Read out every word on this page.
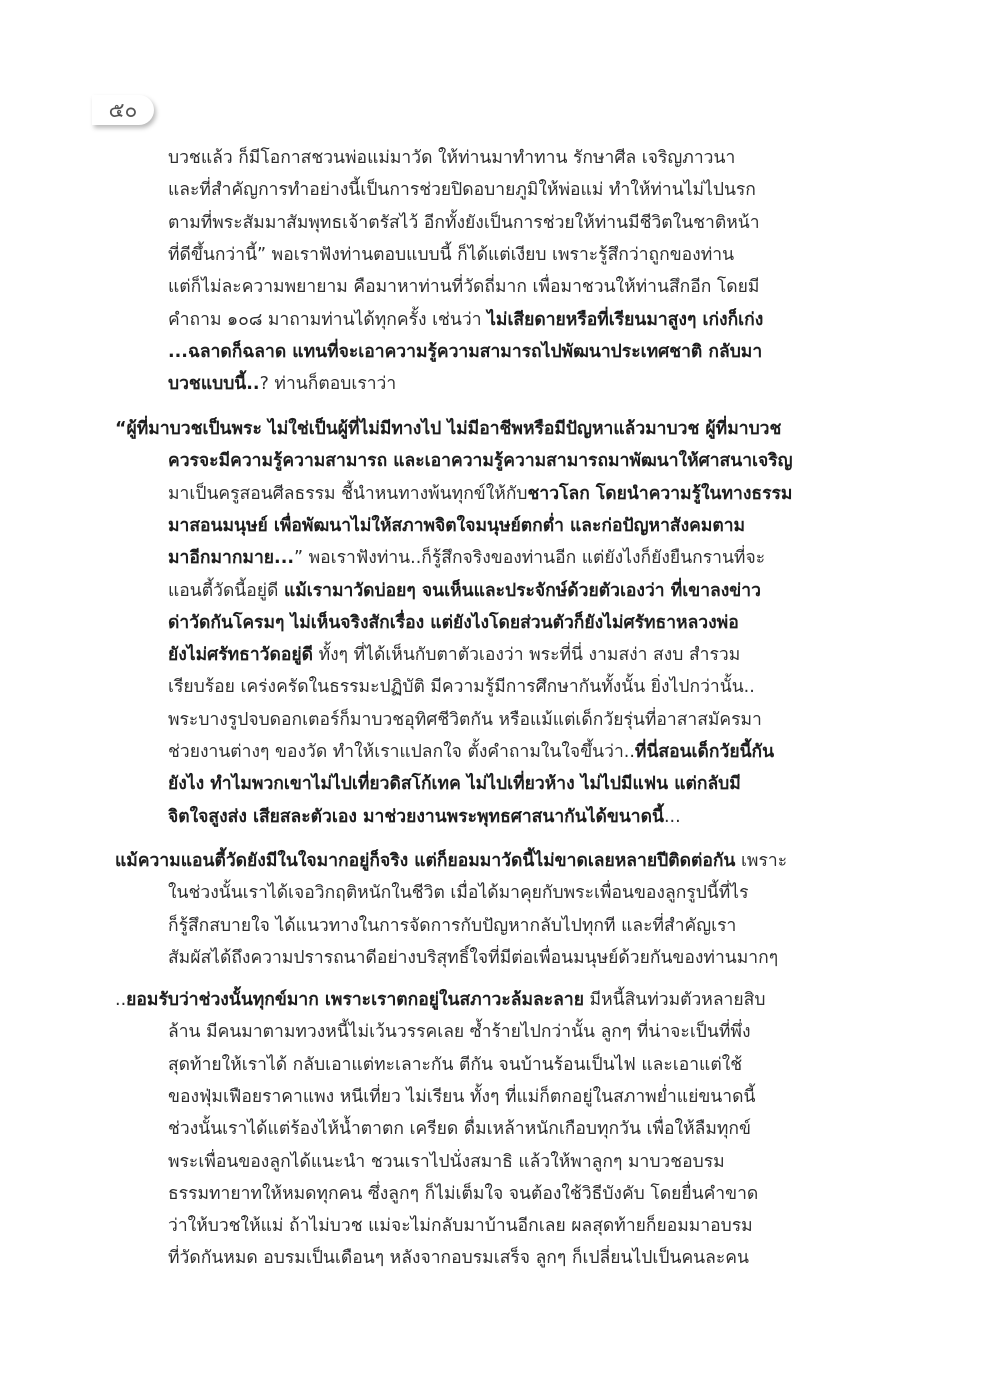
๕๐
บวชแล้ว ก็มีโอกาสชวนพ่อแม่มาวัด ให้ท่านมาทำทาน รักษาศีล เจริญภาวนา
และที่สำคัญการทำอย่างนี้เป็นการช่วยปิดอบายภูมิให้พ่อแม่ ทำให้ท่านไม่ไปนรก
ตามที่พระสัมมาสัมพุทธเจ้าตรัสไว้ อีกทั้งยังเป็นการช่วยให้ท่านมีชีวิตในชาติหน้า
ที่ดีขึ้นกว่านี้” พอเราฟังท่านตอบแบบนี้ ก็ได้แต่เงียบ เพราะรู้สึกว่าถูกของท่าน
แต่ก็ไม่ละความพยายาม คือมาหาท่านที่วัดถี่มาก เพื่อมาชวนให้ท่านสึกอีก โดยมี
คำถาม ๑๐๘ มาถามท่านได้ทุกครั้ง เช่นว่า ไม่เสียดายหรือที่เรียนมาสูงๆ เก่งก็เก่ง
...ฉลาดก็ฉลาด แทนที่จะเอาความรู้ความสามารถไปพัฒนาประเทศชาติ กลับมา
บวชแบบนี้..? ท่านก็ตอบเราว่า
“ผู้ที่มาบวชเป็นพระ ไม่ใช่เป็นผู้ที่ไม่มีทางไป ไม่มีอาชีพหรือมีปัญหาแล้วมาบวช ผู้ที่มาบวช
ควรจะมีความรู้ความสามารถ และเอาความรู้ความสามารถมาพัฒนาให้ศาสนาเจริญ
มาเป็นครูสอนศีลธรรม ชี้นำหนทางพ้นทุกข์ให้กับชาวโลก โดยนำความรู้ในทางธรรม
มาสอนมนุษย์ เพื่อพัฒนาไม่ให้สภาพจิตใจมนุษย์ตกต่ำ และก่อปัญหาสังคมตาม
มาอีกมากมาย...” พอเราฟังท่าน..ก็รู้สึกจริงของท่านอีก แต่ยังไงก็ยังยืนกรานที่จะ
แอนตี้วัดนี้อยู่ดี แม้เรามาวัดบ่อยๆ จนเห็นและประจักษ์ด้วยตัวเองว่า ที่เขาลงข่าว
ด่าวัดกันโครมๆ ไม่เห็นจริงสักเรื่อง แต่ยังไงโดยส่วนตัวก็ยังไม่ศรัทธาหลวงพ่อ
ยังไม่ศรัทธาวัดอยู่ดี ทั้งๆ ที่ได้เห็นกับตาตัวเองว่า พระที่นี่ งามสง่า สงบ สำรวม
เรียบร้อย เคร่งครัดในธรรมะปฏิบัติ มีความรู้มีการศึกษากันทั้งนั้น ยิ่งไปกว่านั้น..
พระบางรูปจบดอกเตอร์ก็มาบวชอุทิศชีวิตกัน หรือแม้แต่เด็กวัยรุ่นที่อาสาสมัครมา
ช่วยงานต่างๆ ของวัด ทำให้เราแปลกใจ ตั้งคำถามในใจขึ้นว่า..ที่นี่สอนเด็กวัยนี้กัน
ยังไง ทำไมพวกเขาไม่ไปเที่ยวดิสโก้เทค ไม่ไปเที่ยวห้าง ไม่ไปมีแฟน แต่กลับมี
จิตใจสูงส่ง เสียสละตัวเอง มาช่วยงานพระพุทธศาสนากันได้ขนาดนี้...
แม้ความแอนตี้วัดยังมีในใจมากอยู่ก็จริง แต่ก็ยอมมาวัดนี้ไม่ขาดเลยหลายปีติดต่อกัน เพราะ
ในช่วงนั้นเราได้เจอวิกฤติหนักในชีวิต เมื่อได้มาคุยกับพระเพื่อนของลูกรูปนี้ที่ไร
ก็รู้สึกสบายใจ ได้แนวทางในการจัดการกับปัญหากลับไปทุกที และที่สำคัญเรา
สัมผัสได้ถึงความปรารถนาดีอย่างบริสุทธิ์ใจที่มีต่อเพื่อนมนุษย์ด้วยกันของท่านมากๆ
..ยอมรับว่าช่วงนั้นทุกข์มาก เพราะเราตกอยู่ในสภาวะล้มละลาย มีหนี้สินท่วมตัวหลายสิบ
ล้าน มีคนมาตามทวงหนี้ไม่เว้นวรรคเลย ซ้ำร้ายไปกว่านั้น ลูกๆ ที่น่าจะเป็นที่พึ่ง
สุดท้ายให้เราได้ กลับเอาแต่ทะเลาะกัน ตีกัน จนบ้านร้อนเป็นไฟ และเอาแต่ใช้
ของฟุ่มเฟือยราคาแพง หนีเที่ยว ไม่เรียน ทั้งๆ ที่แม่ก็ตกอยู่ในสภาพย่ำแย่ขนาดนี้
ช่วงนั้นเราได้แต่ร้องไห้น้ำตาตก เครียด ดื่มเหล้าหนักเกือบทุกวัน เพื่อให้ลืมทุกข์
พระเพื่อนของลูกได้แนะนำ ชวนเราไปนั่งสมาธิ แล้วให้พาลูกๆ มาบวชอบรม
ธรรมทายาทให้หมดทุกคน ซึ่งลูกๆ ก็ไม่เต็มใจ จนต้องใช้วิธีบังคับ โดยยื่นคำขาด
ว่าให้บวชให้แม่ ถ้าไม่บวช แม่จะไม่กลับมาบ้านอีกเลย ผลสุดท้ายก็ยอมมาอบรม
ที่วัดกันหมด อบรมเป็นเดือนๆ หลังจากอบรมเสร็จ ลูกๆ ก็เปลี่ยนไปเป็นคนละคน
